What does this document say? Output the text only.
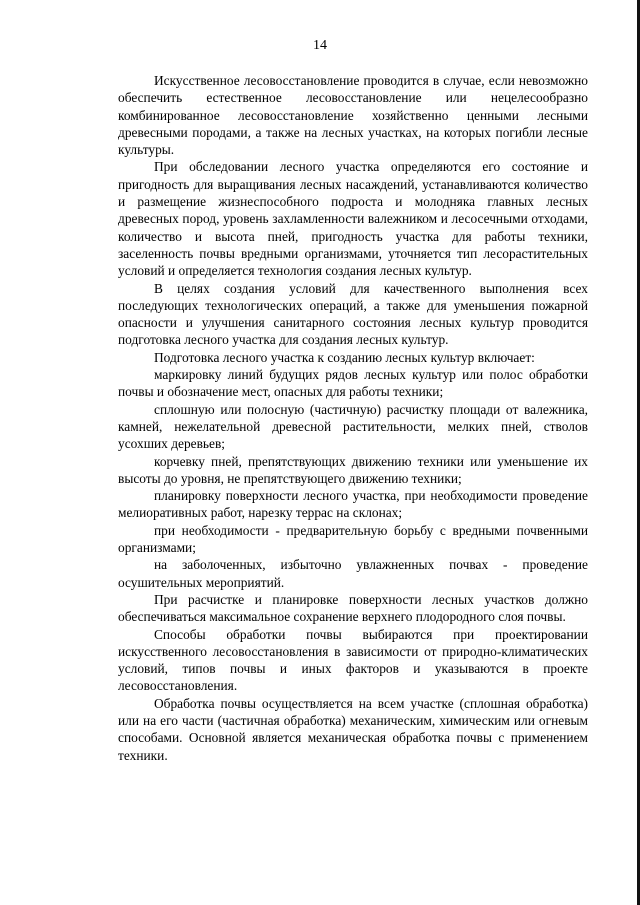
14

Искусственное лесовосстановление проводится в случае, если невозможно обеспечить естественное лесовосстановление или нецелесообразно комбинированное лесовосстановление хозяйственно ценными лесными древесными породами, а также на лесных участках, на которых погибли лесные культуры.

При обследовании лесного участка определяются его состояние и пригодность для выращивания лесных насаждений, устанавливаются количество и размещение жизнеспособного подроста и молодняка главных лесных древесных пород, уровень захламленности валежником и лесосечными отходами, количество и высота пней, пригодность участка для работы техники, заселенность почвы вредными организмами, уточняется тип лесорастительных условий и определяется технология создания лесных культур.

В целях создания условий для качественного выполнения всех последующих технологических операций, а также для уменьшения пожарной опасности и улучшения санитарного состояния лесных культур проводится подготовка лесного участка для создания лесных культур.

Подготовка лесного участка к созданию лесных культур включает:

маркировку линий будущих рядов лесных культур или полос обработки почвы и обозначение мест, опасных для работы техники;

сплошную или полосную (частичную) расчистку площади от валежника, камней, нежелательной древесной растительности, мелких пней, стволов усохших деревьев;

корчевку пней, препятствующих движению техники или уменьшение их высоты до уровня, не препятствующего движению техники;

планировку поверхности лесного участка, при необходимости проведение мелиоративных работ, нарезку террас на склонах;

при необходимости - предварительную борьбу с вредными почвенными организмами;

на заболоченных, избыточно увлажненных почвах - проведение осушительных мероприятий.

При расчистке и планировке поверхности лесных участков должно обеспечиваться максимальное сохранение верхнего плодородного слоя почвы.

Способы обработки почвы выбираются при проектировании искусственного лесовосстановления в зависимости от природно-климатических условий, типов почвы и иных факторов и указываются в проекте лесовосстановления.

Обработка почвы осуществляется на всем участке (сплошная обработка) или на его части (частичная обработка) механическим, химическим или огневым способами. Основной является механическая обработка почвы с применением техники.
